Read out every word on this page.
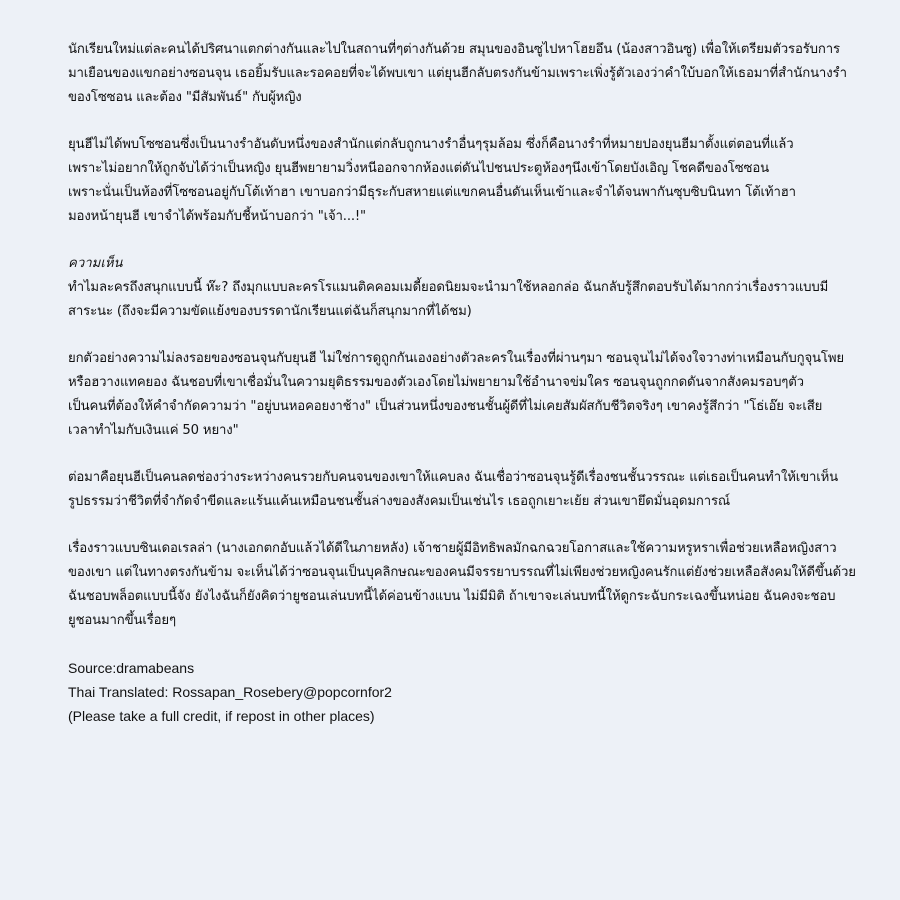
นักเรียนใหม่แต่ละคนได้ปริศนาแตกต่างกันและไปในสถานที่ๆต่างกันด้วย สมุนของอินซูไปหาโฮยอึน (น้องสาวอินซู) เพื่อให้เตรียมตัวรอรับการ
มาเยือนของแขกอย่างซอนจุน เธอยิ้มรับและรอคอยที่จะได้พบเขา แต่ยุนฮีกลับตรงกันข้ามเพราะเพิ่งรู้ตัวเองว่าคำใบ้บอกให้เธอมาที่สำนักนางรำ
ของโซซอน และต้อง "มีสัมพันธ์" กับผู้หญิง

ยุนฮีไม่ได้พบโซซอนซึ่งเป็นนางรำอันดับหนึ่งของสำนักแต่กลับถูกนางรำอื่นๆรุมล้อม ซึ่งก็คือนางรำที่หมายปองยุนฮีมาตั้งแต่ตอนที่แล้ว
เพราะไม่อยากให้ถูกจับได้ว่าเป็นหญิง ยุนฮีพยายามวิ่งหนีออกจากห้องแต่ดันไปชนประตูห้องๆนึงเข้าโดยบังเอิญ โชคดีของโซซอน
เพราะนั่นเป็นห้องที่โซซอนอยู่กับโต้เท้าฮา เขาบอกว่ามีธุระกับสหายแต่แขกคนอื่นดันเห็นเข้าและจำได้จนพากันซุบซิบนินทา โต้เท้าฮา
มองหน้ายุนฮี เขาจำได้พร้อมกับชี้หน้าบอกว่า "เจ้า...!"

ความเห็น

ทำไมละครถึงสนุกแบบนี้ ห๊ะ? ถึงมุกแบบละครโรแมนติคคอมเมดี้ยอดนิยมจะนำมาใช้หลอกล่อ ฉันกลับรู้สึกตอบรับได้มากกว่าเรื่องราวแบบมี
สาระนะ (ถึงจะมีความขัดแย้งของบรรดานักเรียนแต่ฉันก็สนุกมากที่ได้ชม)

ยกตัวอย่างความไม่ลงรอยของซอนจุนกับยุนฮี ไม่ใช่การดูถูกกันเองอย่างตัวละครในเรื่องที่ผ่านๆมา ซอนจุนไม่ได้จงใจวางท่าเหมือนกับกูจุนโพย
หรือฮวางแทคยอง ฉันชอบที่เขาเชื่อมั่นในความยุติธรรมของตัวเองโดยไม่พยายามใช้อำนาจข่มใคร ซอนจุนถูกกดดันจากสังคมรอบๆตัว
เป็นคนที่ต้องให้คำจำกัดความว่า "อยู่บนหอคอยงาช้าง" เป็นส่วนหนึ่งของชนชั้นผู้ดีที่ไม่เคยสัมผัสกับชีวิตจริงๆ เขาคงรู้สึกว่า "โธ่เอ๊ย จะเสีย
เวลาทำไมกับเงินแค่ 50 หยาง"

ต่อมาคือยุนฮีเป็นคนลดช่องว่างระหว่างคนรวยกับคนจนของเขาให้แคบลง ฉันเชื่อว่าซอนจุนรู้ดีเรื่องชนชั้นวรรณะ แต่เธอเป็นคนทำให้เขาเห็น
รูปธรรมว่าชีวิตที่จำกัดจำขีดและแร้นแค้นเหมือนชนชั้นล่างของสังคมเป็นเช่นไร เธอถูกเยาะเย้ย ส่วนเขายึดมั่นอุดมการณ์

เรื่องราวแบบซินเดอเรลล่า (นางเอกตกอับแล้วได้ดีในภายหลัง) เจ้าชายผู้มีอิทธิพลมักฉกฉวยโอกาสและใช้ความหรูหราเพื่อช่วยเหลือหญิงสาว
ของเขา แต่ในทางตรงกันข้าม จะเห็นได้ว่าซอนจุนเป็นบุคลิกษณะของคนมีจรรยาบรรณที่ไม่เพียงช่วยหญิงคนรักแต่ยังช่วยเหลือสังคมให้ดีขึ้นด้วย
ฉันชอบพล็อตแบบนี้จัง ยังไงฉันก็ยังคิดว่ายูชอนเล่นบทนี้ได้ค่อนข้างแบน ไม่มีมิติ ถ้าเขาจะเล่นบทนี้ให้ดูกระฉับกระเฉงขึ้นหน่อย ฉันคงจะชอบ
ยูชอนมากขึ้นเรื่อยๆ

Source:dramabeans
Thai Translated: Rossapan_Rosebery@popcornfor2
(Please take a full credit, if repost in other places)
